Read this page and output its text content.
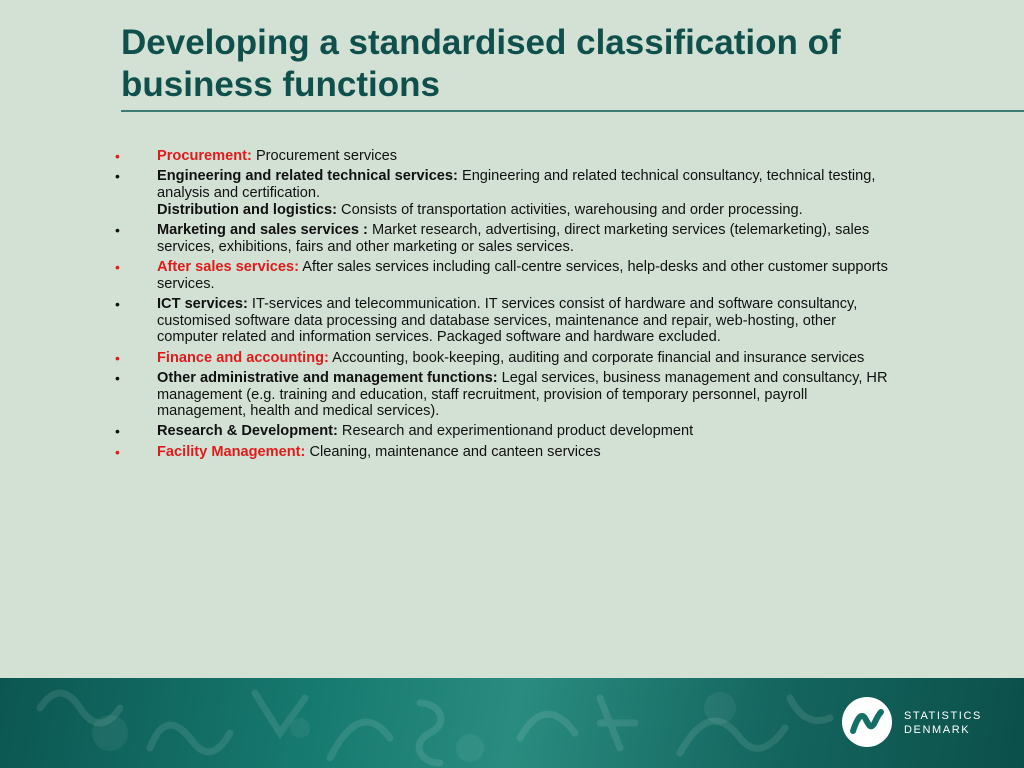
Developing a standardised classification of business functions
•	Procurement: Procurement services
•	Engineering and related technical services: Engineering and related technical consultancy, technical testing, analysis and certification.
Distribution and logistics: Consists of transportation activities, warehousing and order processing.
•	Marketing and sales services : Market research, advertising, direct marketing services (telemarketing), sales services, exhibitions, fairs and other marketing or sales services.
•	After sales services: After sales services including call-centre services, help-desks and other customer supports services.
•	ICT services: IT-services and telecommunication. IT services consist of hardware and software consultancy, customised software data processing and database services, maintenance and repair, web-hosting, other computer related and information services. Packaged software and hardware excluded.
•	Finance and accounting: Accounting, book-keeping, auditing and corporate financial and insurance services
•	Other administrative and management functions: Legal services, business management and consultancy, HR management (e.g. training and education, staff recruitment, provision of temporary personnel, payroll management, health and medical services).
•	Research & Development: Research and experimentionand product development
•	Facility Management: Cleaning, maintenance and canteen services
STATISTICS
DENMARK
